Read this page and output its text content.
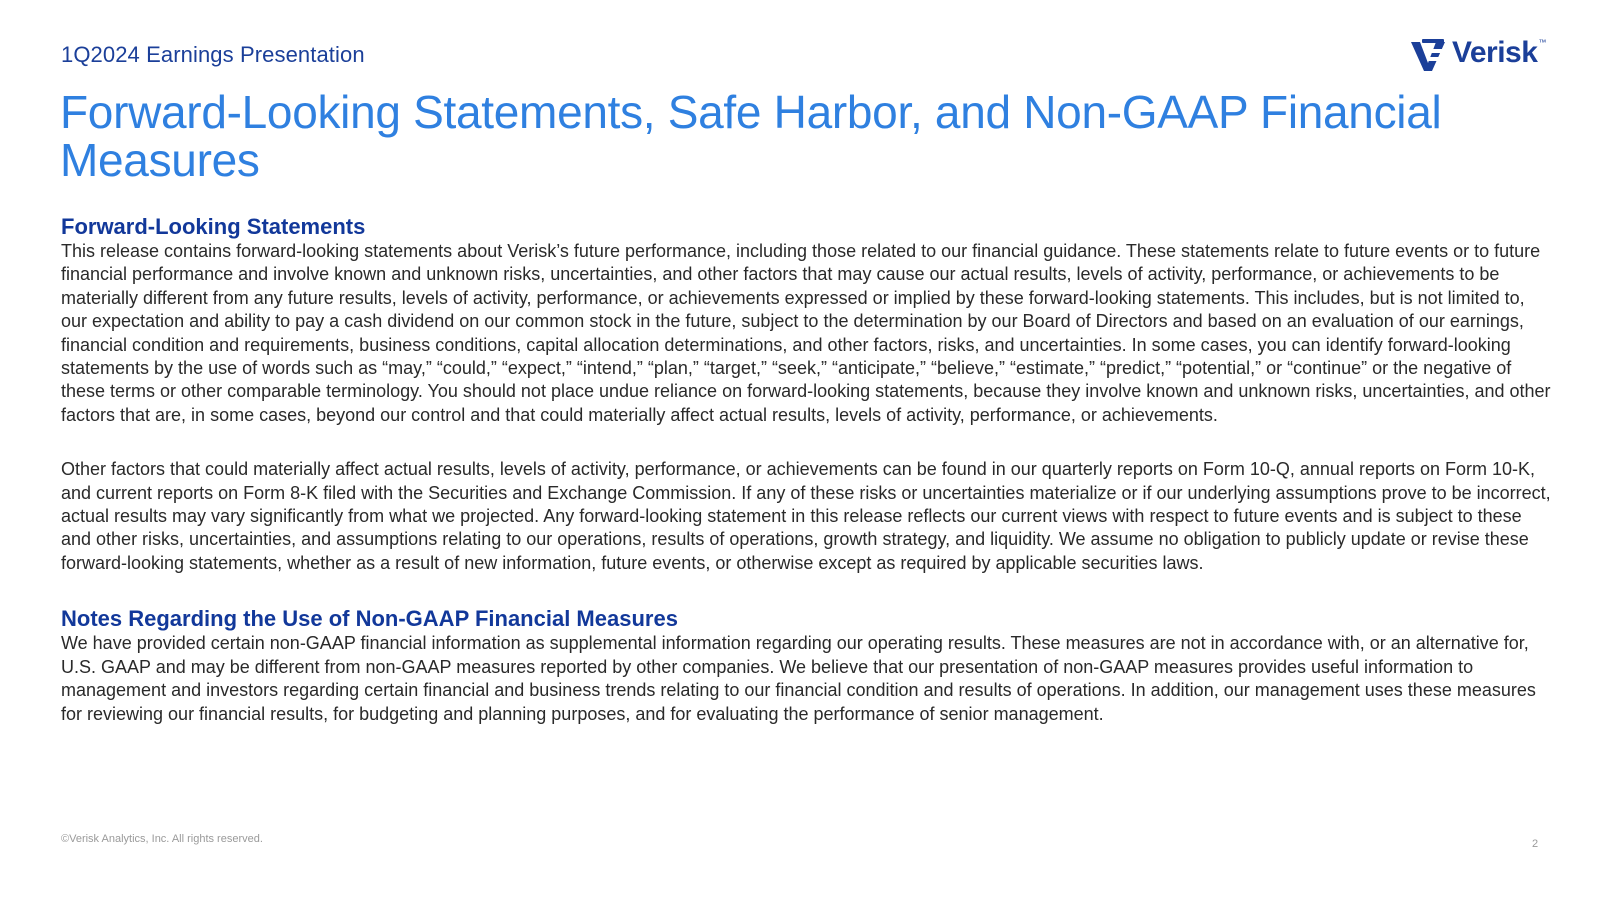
1Q2024 Earnings Presentation	Verisk ™
Forward-Looking Statements, Safe Harbor, and Non-GAAP Financial Measures
Forward-Looking Statements

This release contains forward-looking statements about Verisk’s future performance, including those related to our financial guidance. These statements relate to future events or to future financial performance and involve known and unknown risks, uncertainties, and other factors that may cause our actual results, levels of activity, performance, or achievements to be materially different from any future results, levels of activity, performance, or achievements expressed or implied by these forward-looking statements. This includes, but is not limited to, our expectation and ability to pay a cash dividend on our common stock in the future, subject to the determination by our Board of Directors and based on an evaluation of our earnings, financial condition and requirements, business conditions, capital allocation determinations, and other factors, risks, and uncertainties. In some cases, you can identify forward-looking statements by the use of words such as “may,” “could,” “expect,” “intend,” “plan,” “target,” “seek,” “anticipate,” “believe,” “estimate,” “predict,” “potential,” or “continue” or the negative of these terms or other comparable terminology. You should not place undue reliance on forward-looking statements, because they involve known and unknown risks, uncertainties, and other factors that are, in some cases, beyond our control and that could materially affect actual results, levels of activity, performance, or achievements.

Other factors that could materially affect actual results, levels of activity, performance, or achievements can be found in our quarterly reports on Form 10-Q, annual reports on Form 10-K, and current reports on Form 8-K filed with the Securities and Exchange Commission. If any of these risks or uncertainties materialize or if our underlying assumptions prove to be incorrect, actual results may vary significantly from what we projected. Any forward-looking statement in this release reflects our current views with respect to future events and is subject to these and other risks, uncertainties, and assumptions relating to our operations, results of operations, growth strategy, and liquidity. We assume no obligation to publicly update or revise these forward-looking statements, whether as a result of new information, future events, or otherwise except as required by applicable securities laws.

Notes Regarding the Use of Non-GAAP Financial Measures

We have provided certain non-GAAP financial information as supplemental information regarding our operating results. These measures are not in accordance with, or an alternative for, U.S. GAAP and may be different from non-GAAP measures reported by other companies. We believe that our presentation of non-GAAP measures provides useful information to management and investors regarding certain financial and business trends relating to our financial condition and results of operations. In addition, our management uses these measures for reviewing our financial results, for budgeting and planning purposes, and for evaluating the performance of senior management.

©Verisk Analytics, Inc. All rights reserved.	2
